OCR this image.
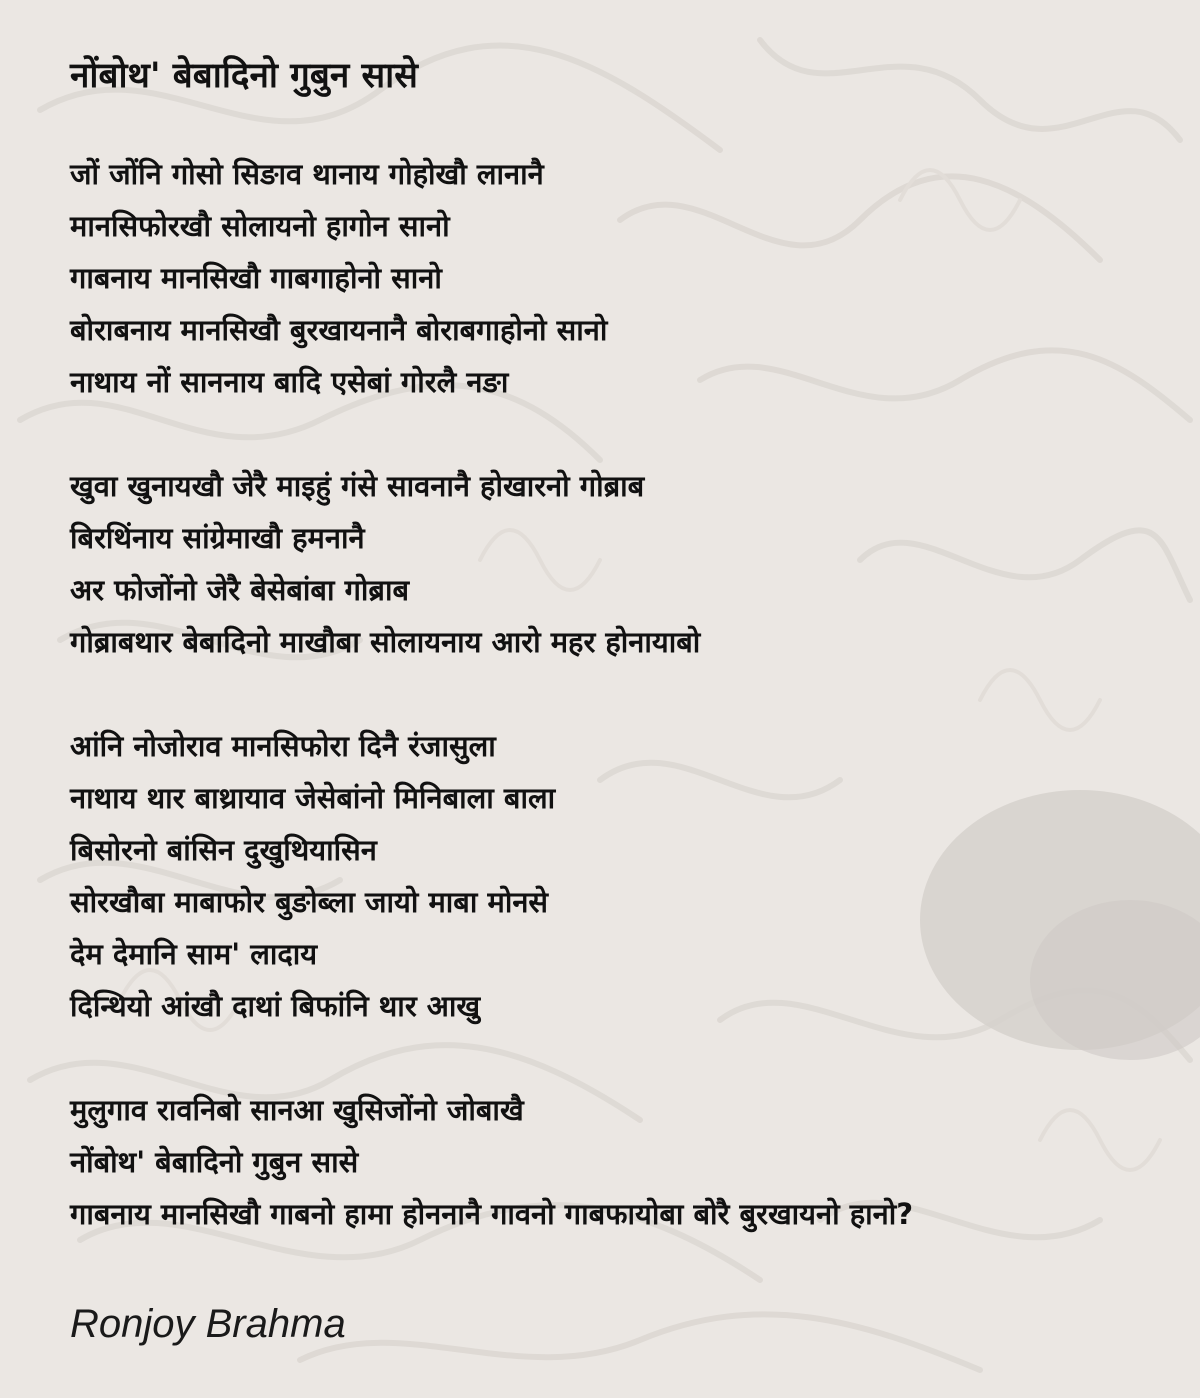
नोंबोथ' बेबादिनो गुबुन सासे
जों जोंनि गोसो सिङाव थानाय गोहोखौ लानानै
मानसिफोरखौ सोलायनो हागोन सानो
गाबनाय मानसिखौ गाबगाहोनो सानो
बोराबनाय मानसिखौ बुरखायनानै बोराबगाहोनो सानो
नाथाय नों साननाय बादि एसेबां गोरलै नङा
खुवा खुनायखौ जेरै माइहुं गंसे सावनानै होखारनो गोब्राब
बिरथिंनाय सांग्रेमाखौ हमनानै
अर फोजोंनो जेरै बेसेबांबा गोब्राब
गोब्राबथार बेबादिनो माखौबा सोलायनाय आरो महर होनायाबो
आंनि नोजोराव मानसिफोरा दिनै रंजासुला
नाथाय थार बाथ्रायाव जेसेबांनो मिनिबाला बाला
बिसोरनो बांसिन दुखुथियासिन
सोरखौबा माबाफोर बुङोब्ला जायो माबा मोनसे
देम देमानि साम' लादाय
दिन्थियो आंखौ दाथां बिफांनि थार आखु
मुलुगाव रावनिबो सानआ खुसिजोंनो जोबाखै
नोंबोथ' बेबादिनो गुबुन सासे
गाबनाय मानसिखौ गाबनो हामा होननानै गावनो गाबफायोबा बोरै बुरखायनो हानो?

Ronjoy Brahma
